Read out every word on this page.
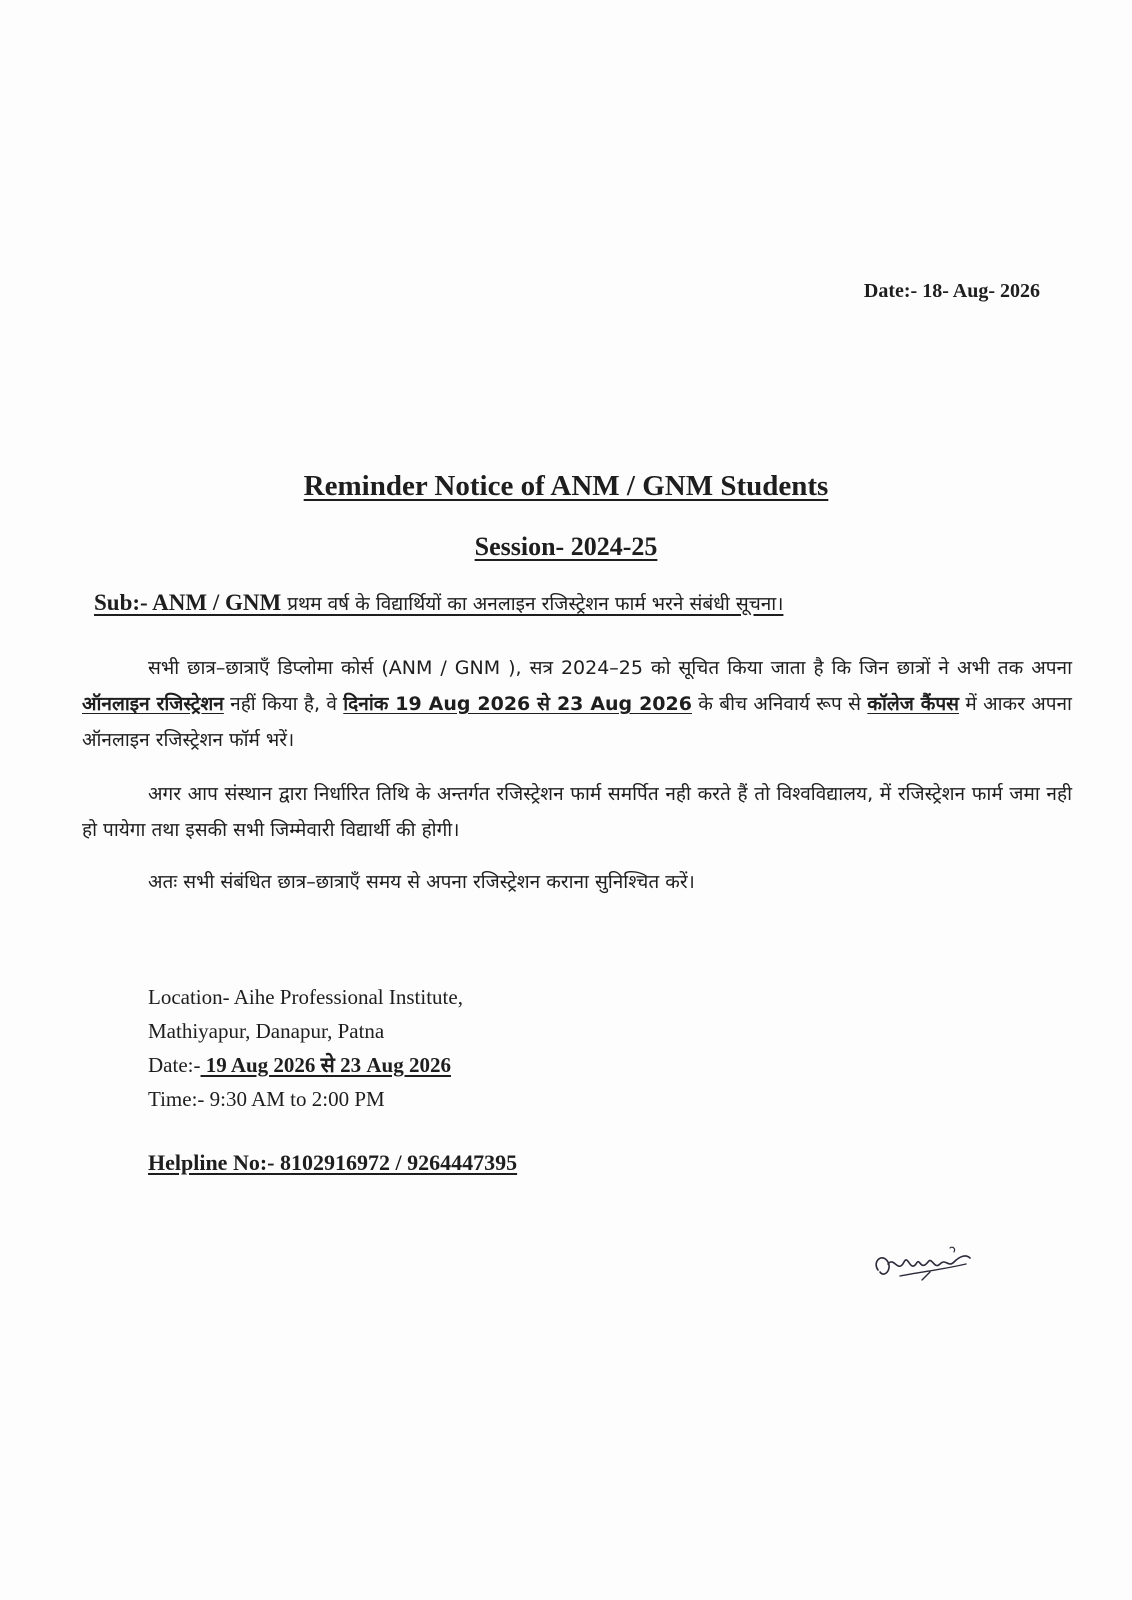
Date:- 18- Aug- 2026
Reminder Notice of ANM / GNM Students
Session- 2024-25
Sub:- ANM / GNM प्रथम वर्ष के विद्यार्थियों का अनलाइन रजिस्ट्रेशन फार्म भरने संबंधी सूचना।
सभी छात्र–छात्राएँ डिप्लोमा कोर्स (ANM / GNM ), सत्र 2024–25 को सूचित किया जाता है कि जिन छात्रों ने अभी तक अपना ऑनलाइन रजिस्ट्रेशन नहीं किया है, वे दिनांक 19 Aug 2026 से 23 Aug 2026 के बीच अनिवार्य रूप से कॉलेज कैंपस में आकर अपना ऑनलाइन रजिस्ट्रेशन फॉर्म भरें।
अगर आप संस्थान द्वारा निर्धारित तिथि के अन्तर्गत रजिस्ट्रेशन फार्म समर्पित नही करते हैं तो विश्वविद्यालय, में रजिस्ट्रेशन फार्म जमा नही हो पायेगा तथा इसकी सभी जिम्मेवारी विद्यार्थी की होगी।
अतः सभी संबंधित छात्र–छात्राएँ समय से अपना रजिस्ट्रेशन कराना सुनिश्चित करें।
Location- Aihe Professional Institute,
Mathiyapur, Danapur, Patna
Date:- 19 Aug 2026 से 23 Aug 2026
Time:- 9:30 AM to 2:00 PM
Helpline No:- 8102916972 / 9264447395
